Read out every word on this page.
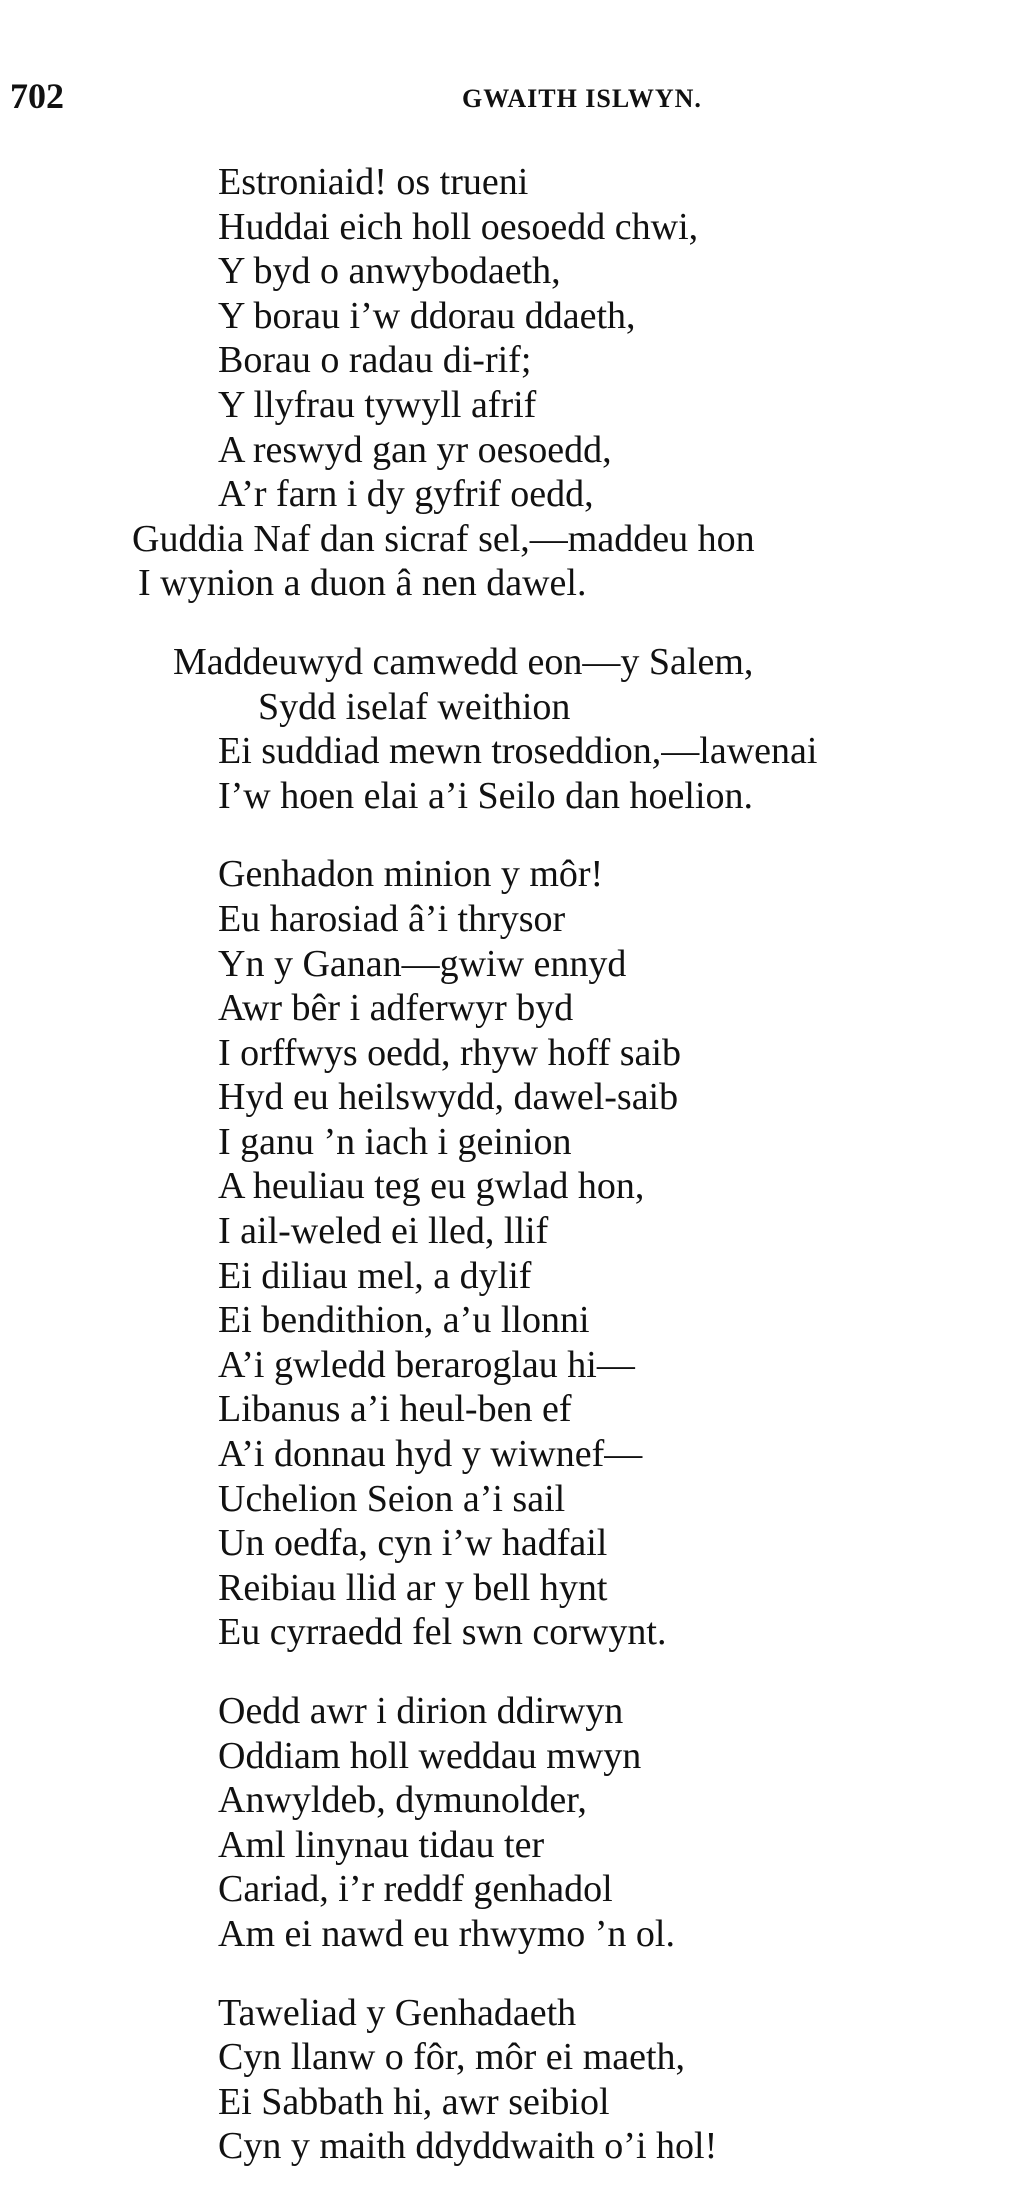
702	GWAITH ISLWYN.
Estroniaid! os trueni
Huddai eich holl oesoedd chwi,
Y byd o anwybodaeth,
Y borau i’w ddorau ddaeth,
Borau o radau di-rif;
Y llyfrau tywyll afrif
A reswyd gan yr oesoedd,
A’r farn i dy gyfrif oedd,
Guddia Naf dan sicraf sel,—maddeu hon
I wynion a duon â nen dawel.
Maddeuwyd camwedd eon—y Salem,
Sydd iselaf weithion
Ei suddiad mewn troseddion,—lawenai
I’w hoen elai a’i Seilo dan hoelion.
Genhadon minion y môr!
Eu harosiad â’i thrysor
Yn y Ganan—gwiw ennyd
Awr bêr i adferwyr byd
I orffwys oedd, rhyw hoff saib
Hyd eu heilswydd, dawel-saib
I ganu ’n iach i geinion
A heuliau teg eu gwlad hon,
I ail-weled ei lled, llif
Ei diliau mel, a dylif
Ei bendithion, a’u llonni
A’i gwledd beraroglau hi—
Libanus a’i heul-ben ef
A’i donnau hyd y wiwnef—
Uchelion Seion a’i sail
Un oedfa, cyn i’w hadfail
Reibiau llid ar y bell hynt
Eu cyrraedd fel swn corwynt.
Oedd awr i dirion ddirwyn
Oddiam holl weddau mwyn
Anwyldeb, dymunolder,
Aml linynau tidau ter
Cariad, i’r reddf genhadol
Am ei nawd eu rhwymo ’n ol.
Taweliad y Genhadaeth
Cyn llanw o fôr, môr ei maeth,
Ei Sabbath hi, awr seibiol
Cyn y maith ddyddwaith o’i hol!
